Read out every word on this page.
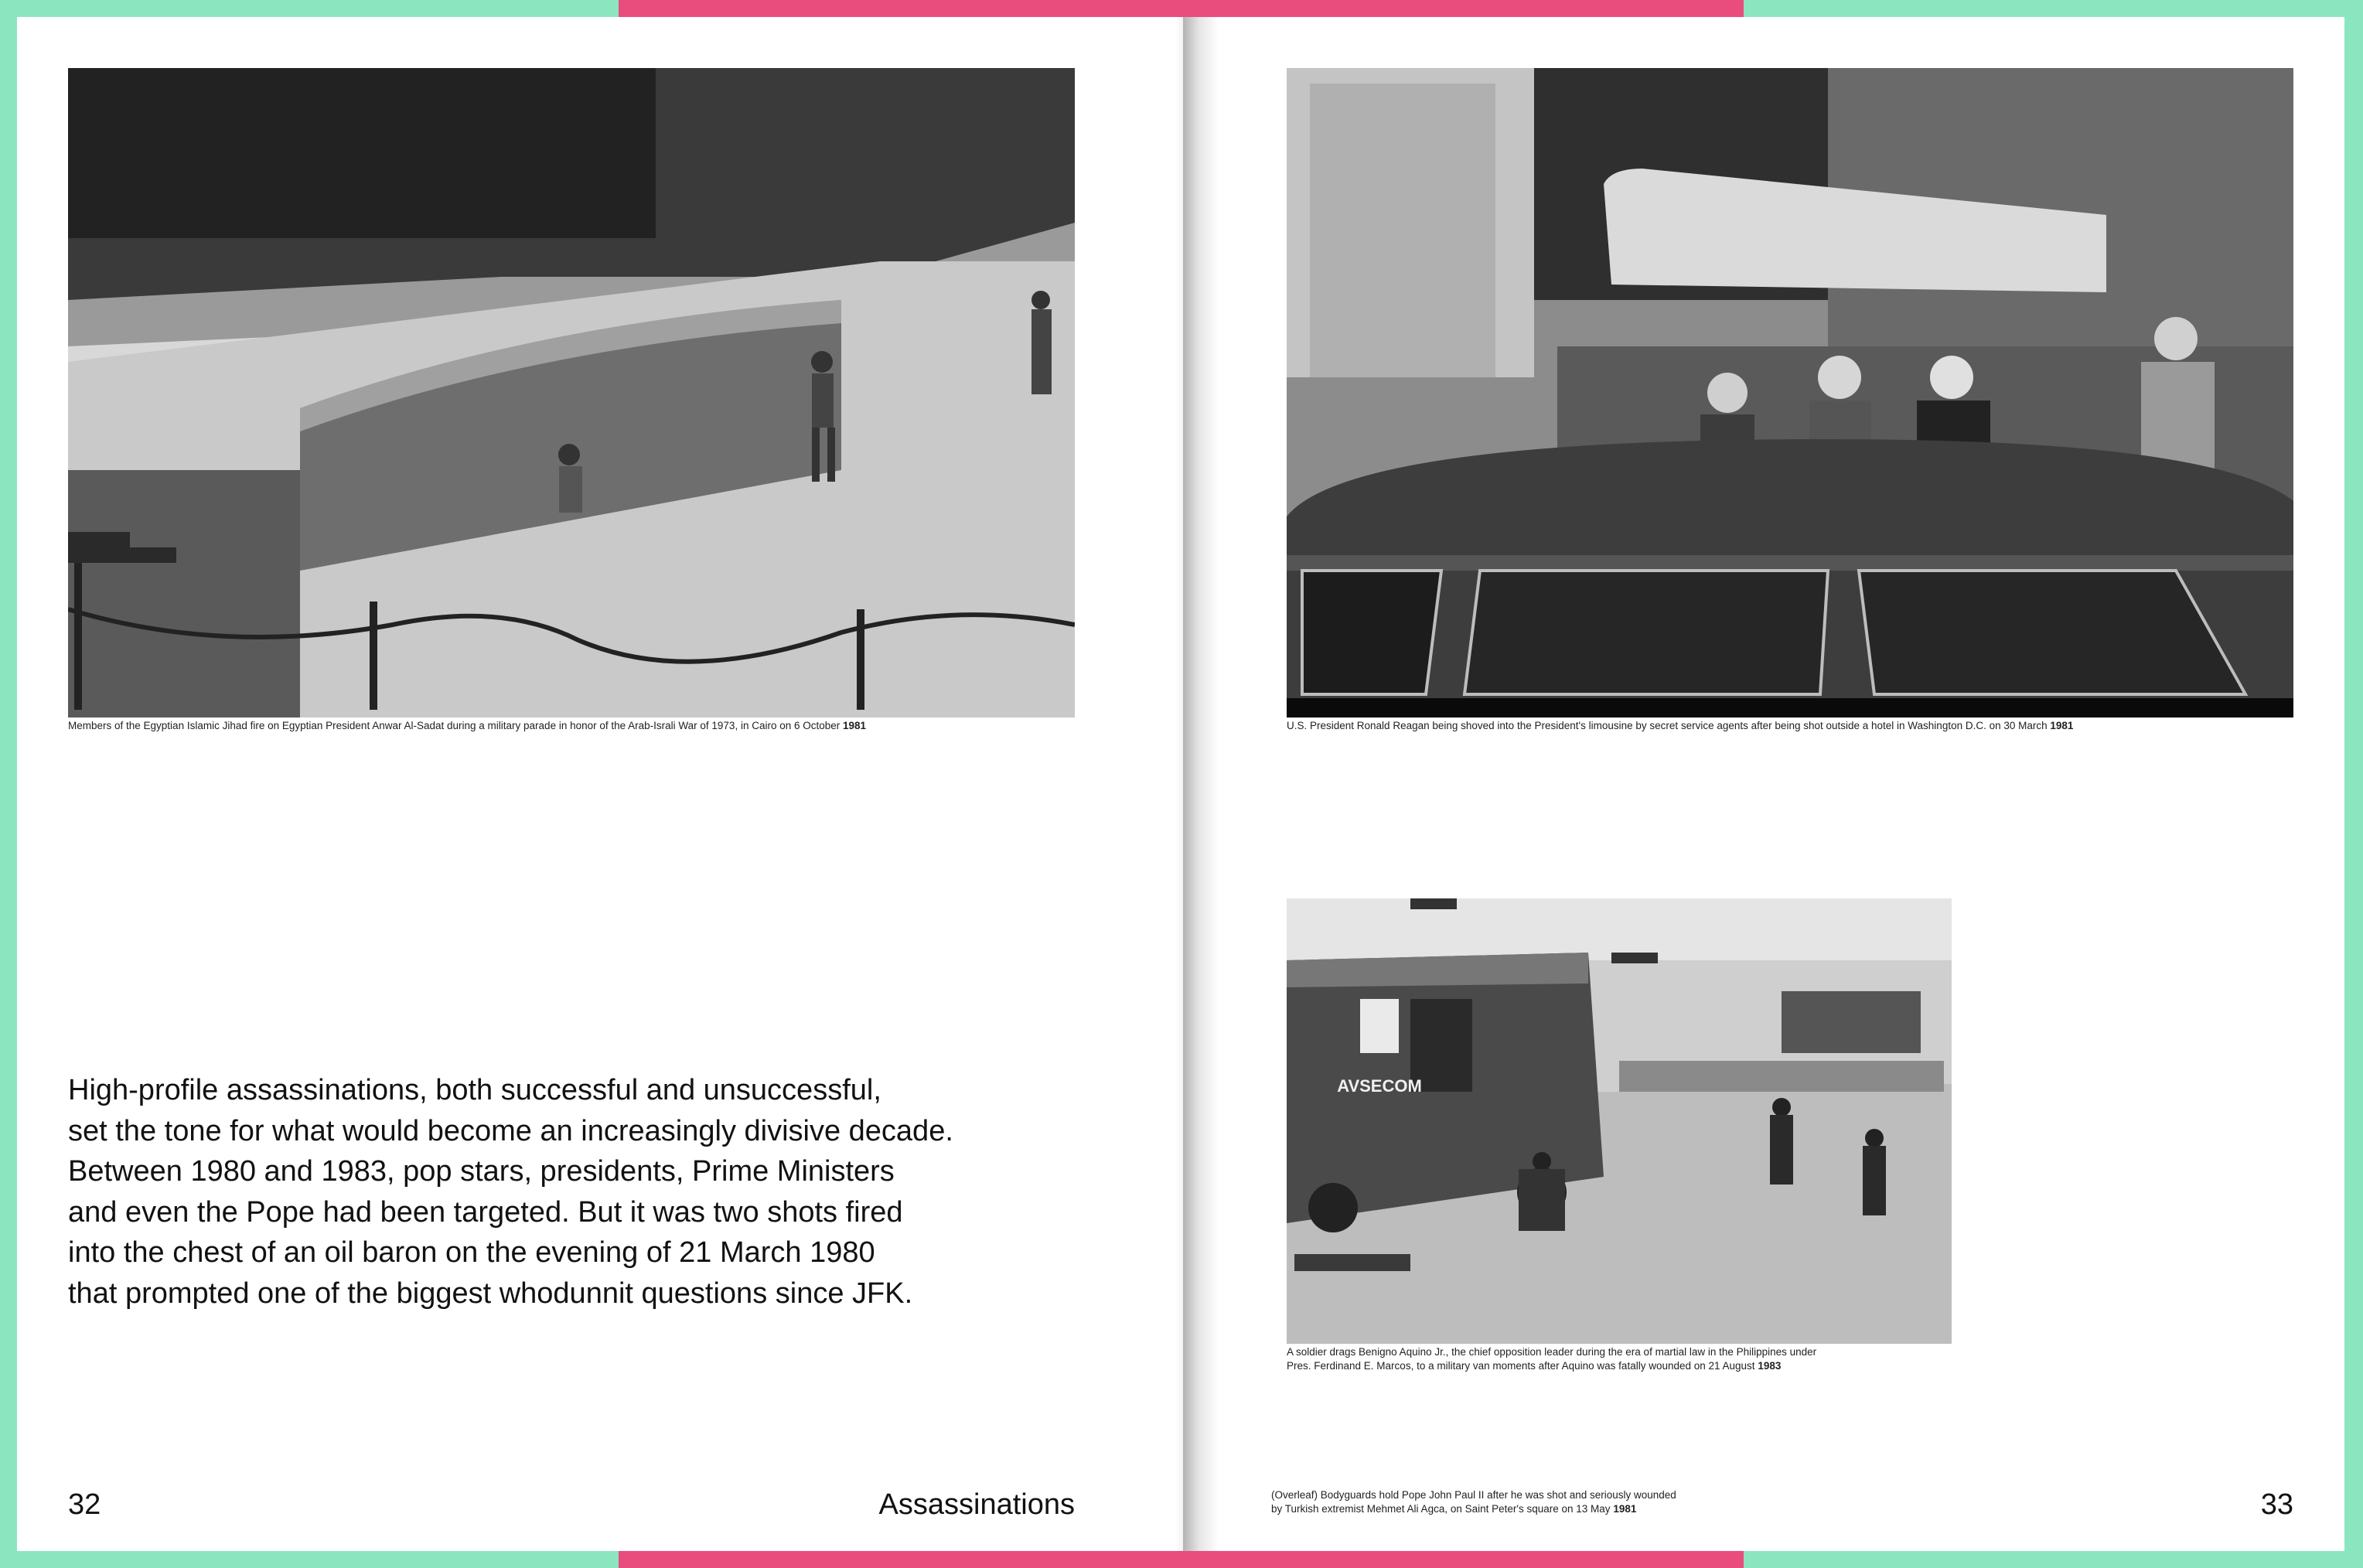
Members of the Egyptian Islamic Jihad fire on Egyptian President Anwar Al-Sadat during a military parade in honor of the Arab-Israli War of 1973, in Cairo on 6 October 1981

High-profile assassinations, both successful and unsuccessful,
set the tone for what would become an increasingly divisive decade.
Between 1980 and 1983, pop stars, presidents, Prime Ministers
and even the Pope had been targeted. But it was two shots fired
into the chest of an oil baron on the evening of 21 March 1980
that prompted one of the biggest whodunnit questions since JFK.
32	Assassinations

U.S. President Ronald Reagan being shoved into the President's limousine by secret service agents after being shot outside a hotel in Washington D.C. on 30 March 1981

AVSECOM

A soldier drags Benigno Aquino Jr., the chief opposition leader during the era of martial law in the Philippines under
Pres. Ferdinand E. Marcos, to a military van moments after Aquino was fatally wounded on 21 August 1983

(Overleaf) Bodyguards hold Pope John Paul II after he was shot and seriously wounded
by Turkish extremist Mehmet Ali Agca, on Saint Peter's square on 13 May 1981	33
